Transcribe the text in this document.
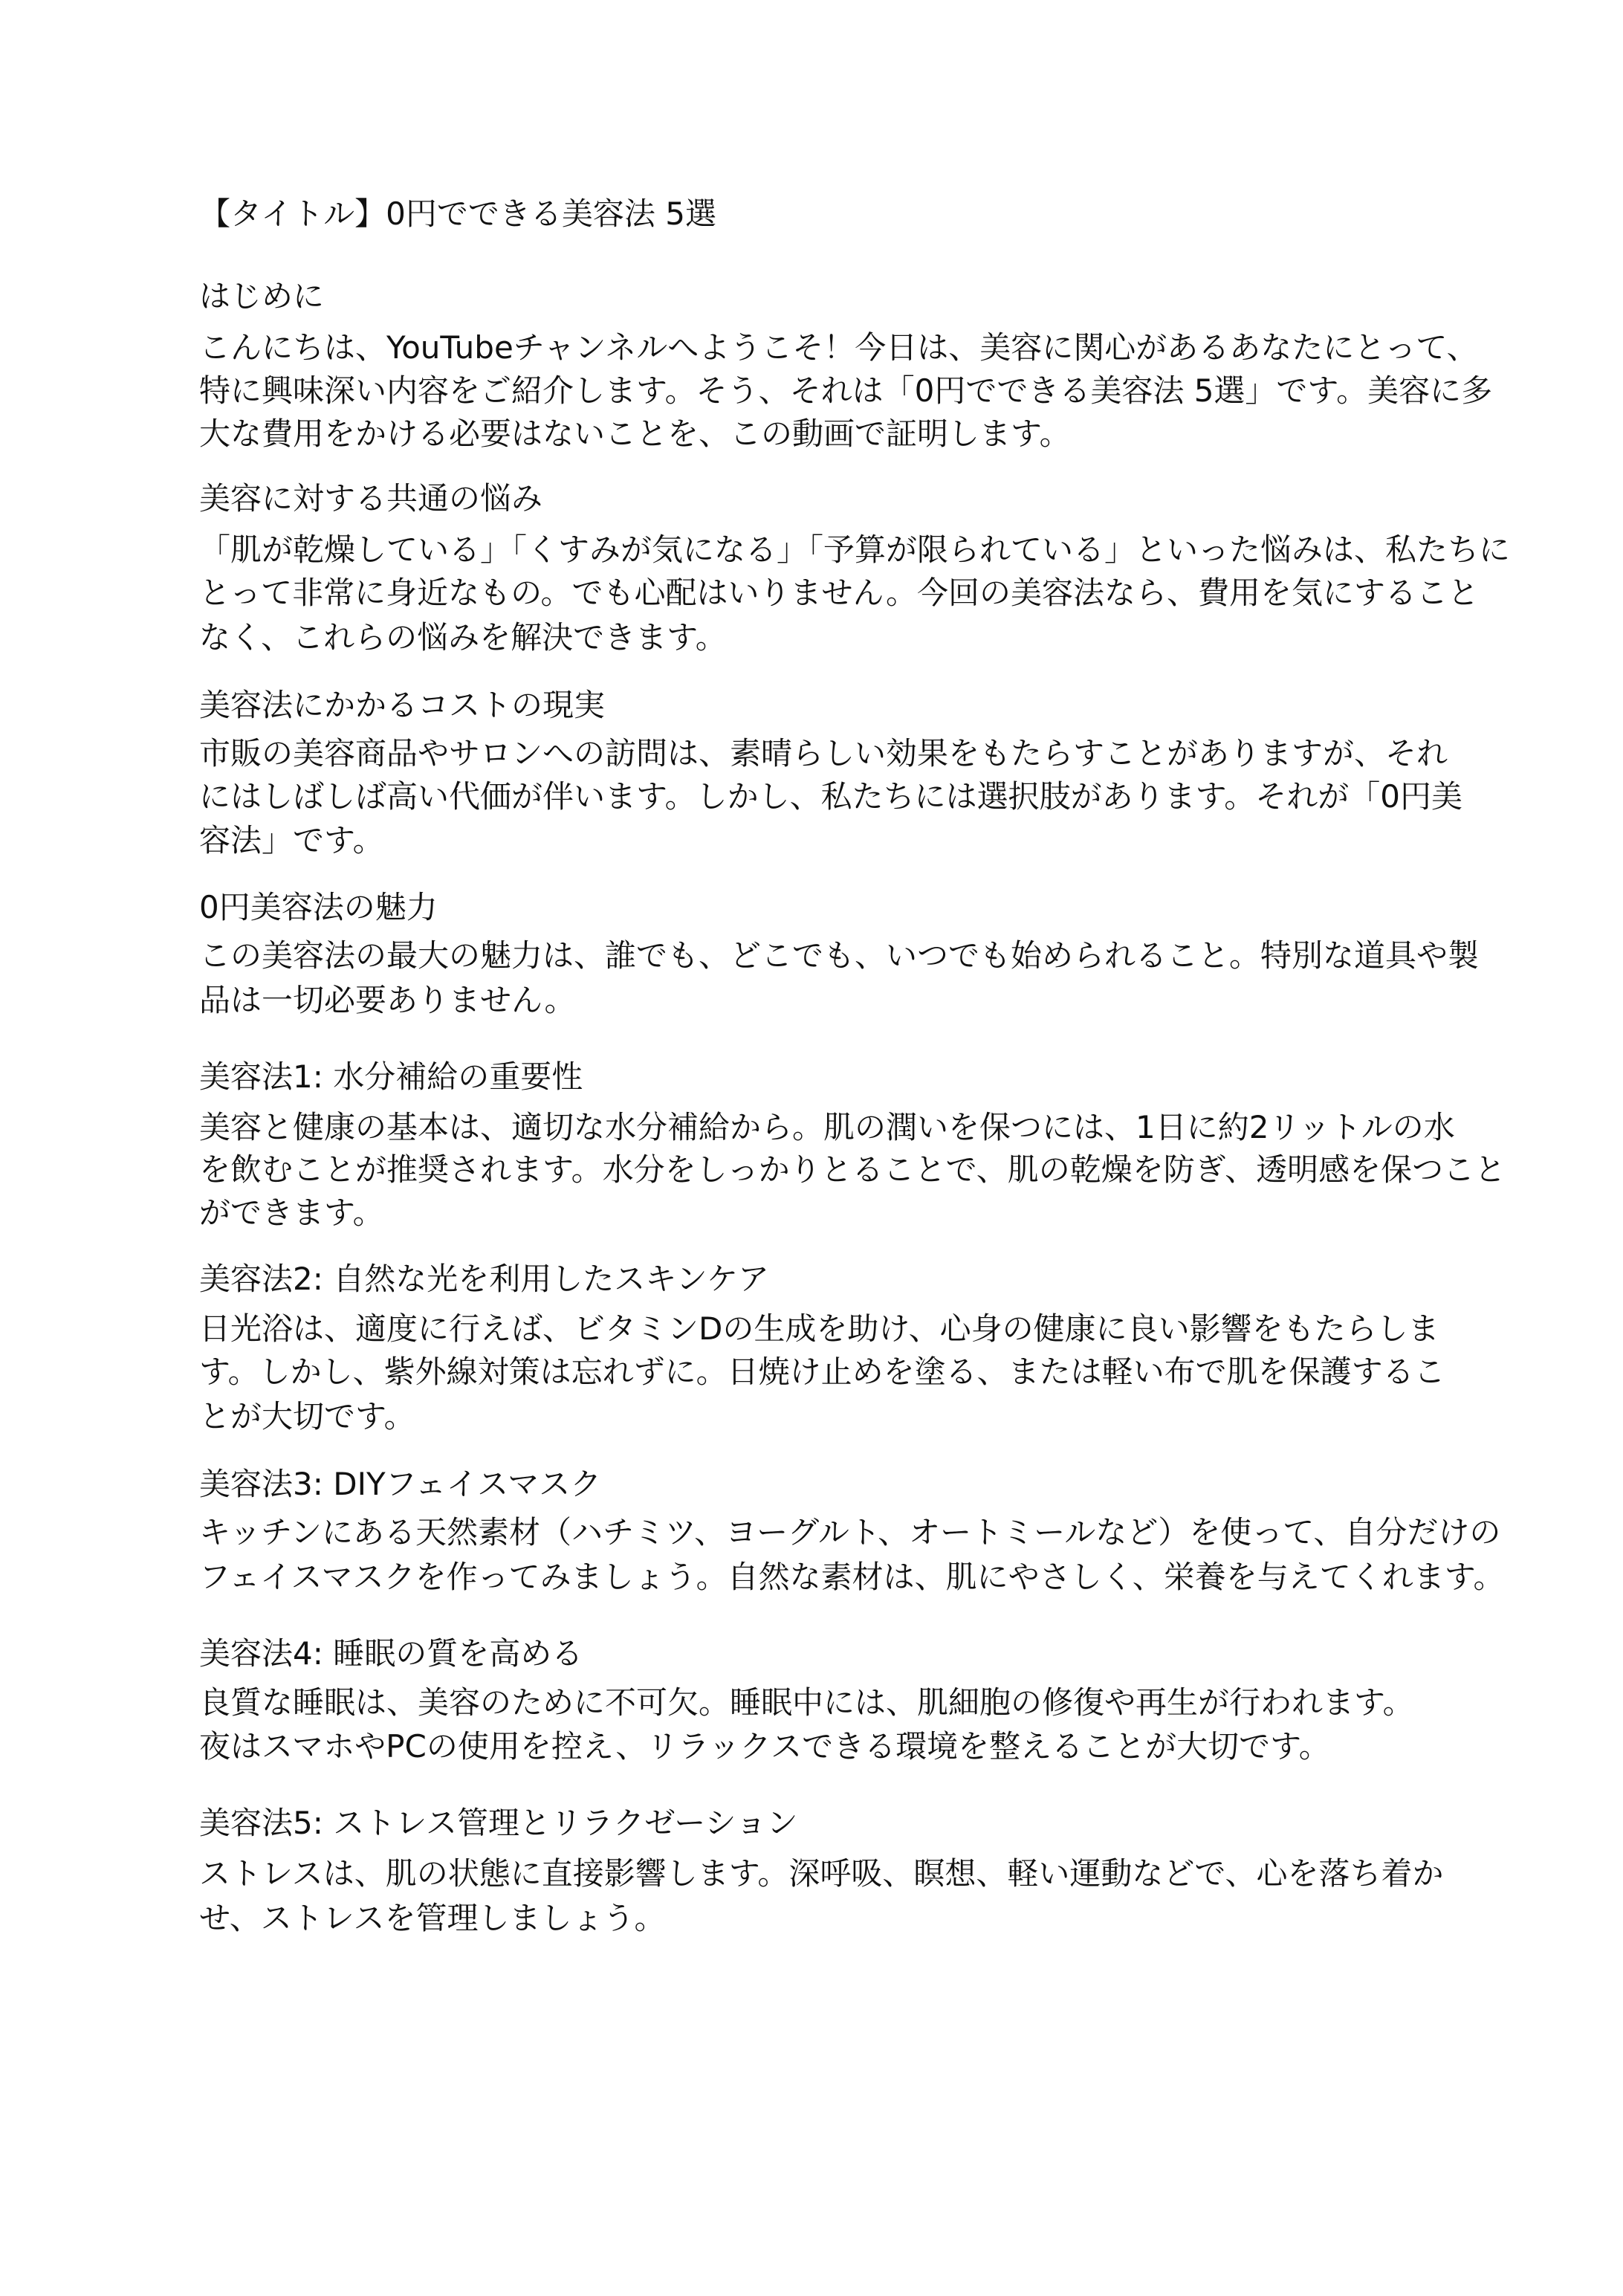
【タイトル】0円でできる美容法 5選
はじめに
こんにちは、YouTubeチャンネルへようこそ！今日は、美容に関心があるあなたにとって、
特に興味深い内容をご紹介します。そう、それは「0円でできる美容法 5選」です。美容に多
大な費用をかける必要はないことを、この動画で証明します。
美容に対する共通の悩み
「肌が乾燥している」「くすみが気になる」「予算が限られている」といった悩みは、私たちに
とって非常に身近なもの。でも心配はいりません。今回の美容法なら、費用を気にすること
なく、これらの悩みを解決できます。
美容法にかかるコストの現実
市販の美容商品やサロンへの訪問は、素晴らしい効果をもたらすことがありますが、それ
にはしばしば高い代価が伴います。しかし、私たちには選択肢があります。それが「0円美
容法」です。
0円美容法の魅力
この美容法の最大の魅力は、誰でも、どこでも、いつでも始められること。特別な道具や製
品は一切必要ありません。
美容法1: 水分補給の重要性
美容と健康の基本は、適切な水分補給から。肌の潤いを保つには、1日に約2リットルの水
を飲むことが推奨されます。水分をしっかりとることで、肌の乾燥を防ぎ、透明感を保つこと
ができます。
美容法2: 自然な光を利用したスキンケア
日光浴は、適度に行えば、ビタミンDの生成を助け、心身の健康に良い影響をもたらしま
す。しかし、紫外線対策は忘れずに。日焼け止めを塗る、または軽い布で肌を保護するこ
とが大切です。
美容法3: DIYフェイスマスク
キッチンにある天然素材（ハチミツ、ヨーグルト、オートミールなど）を使って、自分だけの
フェイスマスクを作ってみましょう。自然な素材は、肌にやさしく、栄養を与えてくれます。
美容法4: 睡眠の質を高める
良質な睡眠は、美容のために不可欠。睡眠中には、肌細胞の修復や再生が行われます。
夜はスマホやPCの使用を控え、リラックスできる環境を整えることが大切です。
美容法5: ストレス管理とリラクゼーション
ストレスは、肌の状態に直接影響します。深呼吸、瞑想、軽い運動などで、心を落ち着か
せ、ストレスを管理しましょう。
